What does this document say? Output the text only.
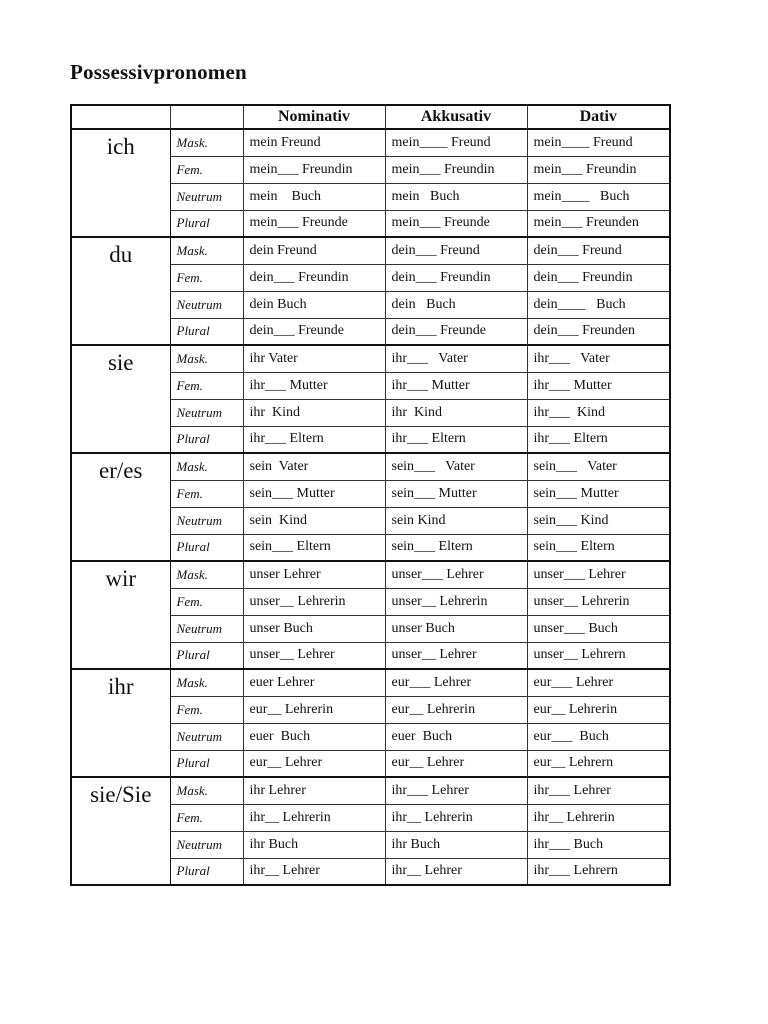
Possessivpronomen
		Nominativ	Akkusativ	Dativ
ich	Mask.	mein Freund	mein____ Freund	mein____ Freund
	Fem.	mein___ Freundin	mein___ Freundin	mein___ Freundin
	Neutrum	mein    Buch	mein   Buch	mein____   Buch
	Plural	mein___ Freunde	mein___ Freunde	mein___ Freunden
du	Mask.	dein Freund	dein___ Freund	dein___ Freund
	Fem.	dein___ Freundin	dein___ Freundin	dein___ Freundin
	Neutrum	dein Buch	dein   Buch	dein____   Buch
	Plural	dein___ Freunde	dein___ Freunde	dein___ Freunden
sie	Mask.	ihr Vater	ihr___   Vater	ihr___   Vater
	Fem.	ihr___ Mutter	ihr___ Mutter	ihr___ Mutter
	Neutrum	ihr  Kind	ihr  Kind	ihr___  Kind
	Plural	ihr___ Eltern	ihr___ Eltern	ihr___ Eltern
er/es	Mask.	sein  Vater	sein___   Vater	sein___   Vater
	Fem.	sein___ Mutter	sein___ Mutter	sein___ Mutter
	Neutrum	sein  Kind	sein Kind	sein___ Kind
	Plural	sein___ Eltern	sein___ Eltern	sein___ Eltern
wir	Mask.	unser Lehrer	unser___ Lehrer	unser___ Lehrer
	Fem.	unser__ Lehrerin	unser__ Lehrerin	unser__ Lehrerin
	Neutrum	unser Buch	unser Buch	unser___ Buch
	Plural	unser__ Lehrer	unser__ Lehrer	unser__ Lehrern
ihr	Mask.	euer Lehrer	eur___ Lehrer	eur___ Lehrer
	Fem.	eur__ Lehrerin	eur__ Lehrerin	eur__ Lehrerin
	Neutrum	euer  Buch	euer  Buch	eur___  Buch
	Plural	eur__ Lehrer	eur__ Lehrer	eur__ Lehrern
sie/Sie	Mask.	ihr Lehrer	ihr___ Lehrer	ihr___ Lehrer
	Fem.	ihr__ Lehrerin	ihr__ Lehrerin	ihr__ Lehrerin
	Neutrum	ihr Buch	ihr Buch	ihr___ Buch
	Plural	ihr__ Lehrer	ihr__ Lehrer	ihr___ Lehrern
